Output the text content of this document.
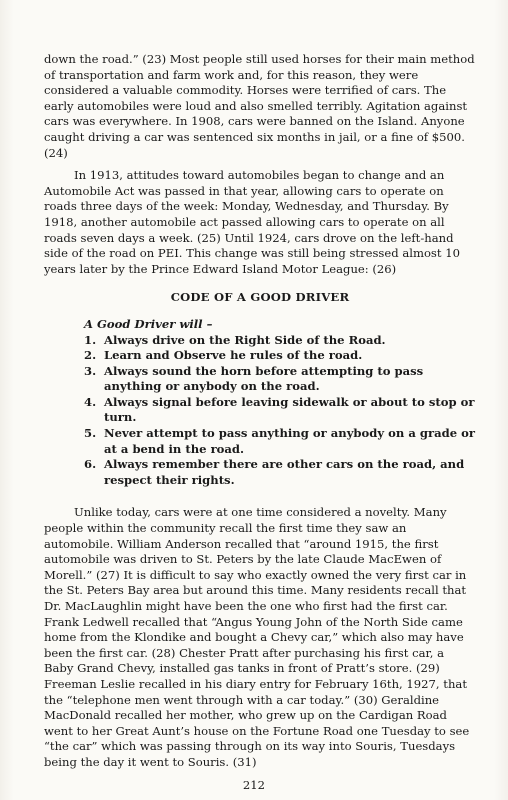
down the road.” (23) Most people still used horses for their main method of transportation and farm work and, for this reason, they were considered a valuable commodity. Horses were terrified of cars. The early automobiles were loud and also smelled terribly. Agitation against cars was everywhere. In 1908, cars were banned on the Island. Anyone caught driving a car was sentenced six months in jail, or a fine of $500. (24)

In 1913, attitudes toward automobiles began to change and an Automobile Act was passed in that year, allowing cars to operate on roads three days of the week: Monday, Wednesday, and Thursday. By 1918, another automobile act passed allowing cars to operate on all roads seven days a week. (25) Until 1924, cars drove on the left-hand side of the road on PEI. This change was still being stressed almost 10 years later by the Prince Edward Island Motor League: (26)

CODE OF A GOOD DRIVER
A Good Driver will –
1. Always drive on the Right Side of the Road.
2. Learn and Observe he rules of the road.
3. Always sound the horn before attempting to pass anything or anybody on the road.
4. Always signal before leaving sidewalk or about to stop or turn.
5. Never attempt to pass anything or anybody on a grade or at a bend in the road.
6. Always remember there are other cars on the road, and respect their rights.

Unlike today, cars were at one time considered a novelty. Many people within the community recall the first time they saw an automobile. William Anderson recalled that “around 1915, the first automobile was driven to St. Peters by the late Claude MacEwen of Morell.” (27) It is difficult to say who exactly owned the very first car in the St. Peters Bay area but around this time. Many residents recall that Dr. MacLaughlin might have been the one who first had the first car. Frank Ledwell recalled that “Angus Young John of the North Side came home from the Klondike and bought a Chevy car,” which also may have been the first car. (28) Chester Pratt after purchasing his first car, a Baby Grand Chevy, installed gas tanks in front of Pratt’s store. (29) Freeman Leslie recalled in his diary entry for February 16th, 1927, that the “telephone men went through with a car today.” (30) Geraldine MacDonald recalled her mother, who grew up on the Cardigan Road went to her Great Aunt’s house on the Fortune Road one Tuesday to see “the car” which was passing through on its way into Souris, Tuesdays being the day it went to Souris. (31)

212
